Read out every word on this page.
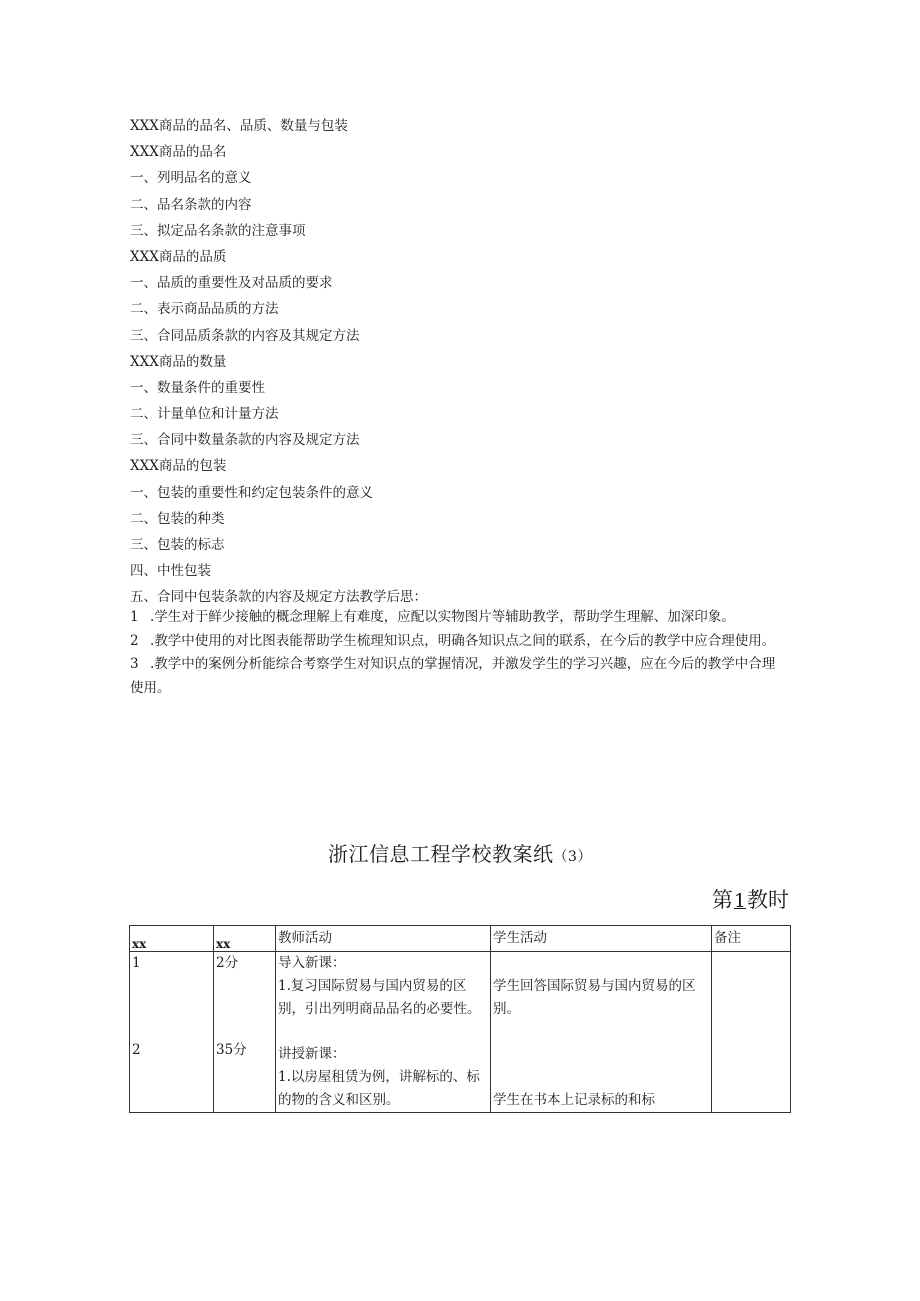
XXX商品的品名、品质、数量与包装
XXX商品的品名
一、列明品名的意义
二、品名条款的内容
三、拟定品名条款的注意事项
XXX商品的品质
一、品质的重要性及对品质的要求
二、表示商品品质的方法
三、合同品质条款的内容及其规定方法
XXX商品的数量
一、数量条件的重要性
二、计量单位和计量方法
三、合同中数量条款的内容及规定方法
XXX商品的包装
一、包装的重要性和约定包装条件的意义
二、包装的种类
三、包装的标志
四、中性包装
五、合同中包装条款的内容及规定方法教学后思：
1 .学生对于鲜少接触的概念理解上有难度，应配以实物图片等辅助教学，帮助学生理解、加深印象。
2 .教学中使用的对比图表能帮助学生梳理知识点，明确各知识点之间的联系，在今后的教学中应合理使用。
3 .教学中的案例分析能综合考察学生对知识点的掌握情况，并激发学生的学习兴趣，应在今后的教学中合理使用。
浙江信息工程学校教案纸（3）
第1教时
xx	xx	教师活动	学生活动	备注
1	2分	导入新课：
1.复习国际贸易与国内贸易的区别，引出列明商品品名的必要性。	学生回答国际贸易与国内贸易的区别。	

2	35分	讲授新课：
1.以房屋租赁为例，讲解标的、标的物的含义和区别。	学生在书本上记录标的和标	
